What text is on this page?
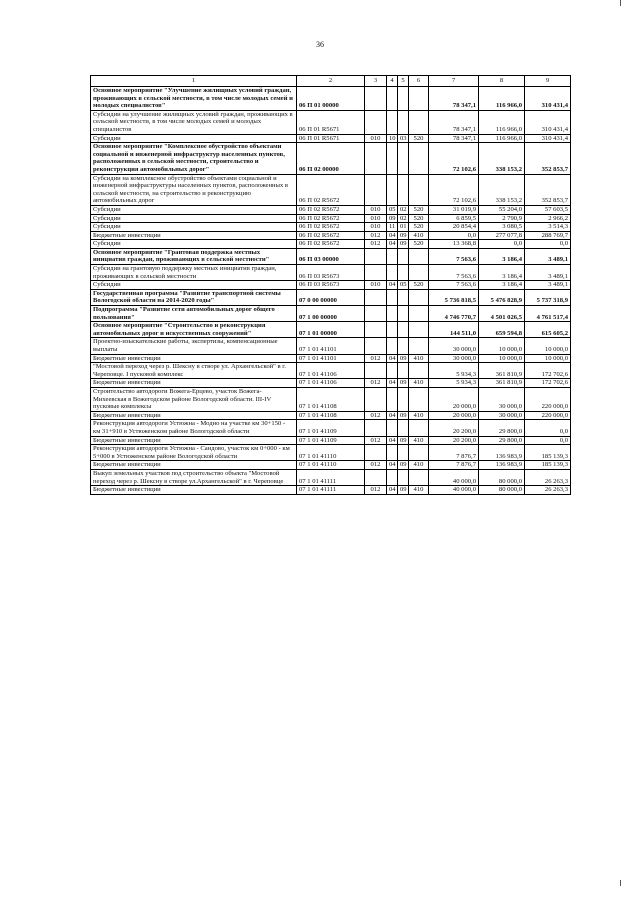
36
1	2	3	4	5	6	7	8	9
Основное мероприятие "Улучшение жилищных условий граждан, проживающих в сельской местности, в том числе молодых семей и молодых специалистов"	06 П 01 00000					78 347,1	116 966,0	310 431,4
Субсидии на улучшение жилищных условий граждан, проживающих в сельской местности, в том числе молодых семей и молодых специалистов	06 П 01 R5671					78 347,1	116 966,0	310 431,4
Субсидии	06 П 01 R5671	010	10	03	520	78 347,1	116 966,0	310 431,4
Основное мероприятие "Комплексное обустройство объектами социальной и инженерной инфраструктур населенных пунктов, расположенных в сельской местности, строительство и реконструкция автомобильных дорог"	06 П 02 00000					72 102,6	338 153,2	352 853,7
Субсидии на комплексное обустройство объектами социальной и инженерной инфраструктуры населенных пунктов, расположенных в сельской местности, на строительство и реконструкцию автомобильных дорог	06 П 02 R5672					72 102,6	338 153,2	352 853,7
Субсидии	06 П 02 R5672	010	05	02	520	31 019,9	55 204,0	57 603,5
Субсидии	06 П 02 R5672	010	09	02	520	6 859,5	2 790,9	2 966,2
Субсидии	06 П 02 R5672	010	11	01	520	20 854,4	3 080,5	3 514,3
Бюджетные инвестиции	06 П 02 R5672	012	04	09	410	0,0	277 077,8	288 769,7
Субсидии	06 П 02 R5672	012	04	09	520	13 368,8	0,0	0,0
Основное мероприятие "Грантовая поддержка местных инициатив граждан, проживающих в сельской местности"	06 П 03 00000					7 563,6	3 186,4	3 489,1
Субсидии на грантовую поддержку местных инициатив граждан, проживающих в сельской местности	06 П 03 R5673					7 563,6	3 186,4	3 489,1
Субсидии	06 П 03 R5673	010	04	05	520	7 563,6	3 186,4	3 489,1
Государственная программа "Развитие транспортной системы Вологодской области на 2014-2020 годы"	07 0 00 00000					5 736 818,5	5 476 828,9	5 737 318,9
Подпрограмма "Развитие сети автомобильных дорог общего пользования"	07 1 00 00000					4 746 770,7	4 501 026,5	4 761 517,4
Основное мероприятие "Строительство и реконструкция автомобильных дорог и искусственных сооружений"	07 1 01 00000					144 511,0	659 594,8	615 605,2
Проектно-изыскательские работы, экспертизы, компенсационные выплаты	07 1 01 41101					30 000,0	10 000,0	10 000,0
Бюджетные инвестиции	07 1 01 41101	012	04	09	410	30 000,0	10 000,0	10 000,0
"Мостовой переход через р. Шексну в створе ул. Архангельской" в г. Череповце. I пусковой комплекс	07 1 01 41106					5 934,3	361 810,9	172 702,6
Бюджетные инвестиции	07 1 01 41106	012	04	09	410	5 934,3	361 810,9	172 702,6
Строительство автодороги Вожега-Ерцево, участок Вожега-Михеевская в Вожегодском районе Вологодской области. III-IV пусковые комплексы	07 1 01 41108					20 000,0	30 000,0	220 000,0
Бюджетные инвестиции	07 1 01 41108	012	04	09	410	20 000,0	30 000,0	220 000,0
Реконструкция автодороги Устюжна - Модно на участке км 30+150 - км 31+910 в Устюженском районе Вологодской области	07 1 01 41109					20 200,0	29 800,0	0,0
Бюджетные инвестиции	07 1 01 41109	012	04	09	410	20 200,0	29 800,0	0,0
Реконструкция автодороги Устюжна - Сандово, участок км 0+000 - км 5+000 в Устюженском районе Вологодской области	07 1 01 41110					7 876,7	136 983,9	185 139,3
Бюджетные инвестиции	07 1 01 41110	012	04	09	410	7 876,7	136 983,9	185 139,3
Выкуп земельных участков под строительство объекта "Мостовой переход через р. Шексну в створе ул.Архангельской" в г. Череповце	07 1 01 41111					40 000,0	80 000,0	26 263,3
Бюджетные инвестиции	07 1 01 41111	012	04	09	410	40 000,0	80 000,0	26 263,3
